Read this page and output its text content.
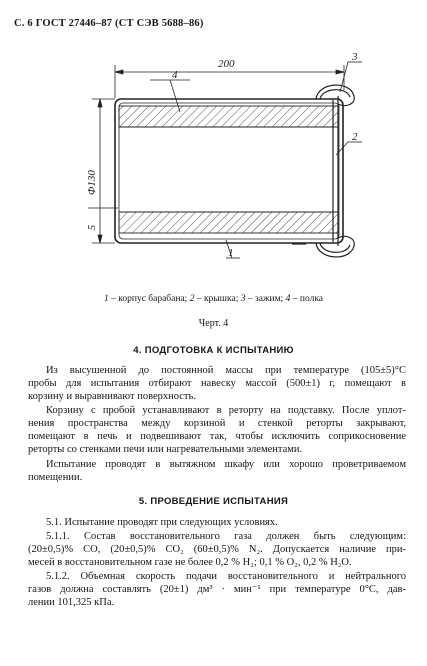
С. 6 ГОСТ 27446–87 (СТ СЭВ 5688–86)
200
Φ130
5
4
3
2
1
1 – корпус барабана; 2 – крышка; 3 – зажим; 4 – полка
Черт. 4
4. ПОДГОТОВКА К ИСПЫТАНИЮ
Из высушенной до постоянной массы при температуре (105±5)°С
пробы для испытания отбирают навеску массой (500±1) г, помещают в
корзину и выравнивают поверхность.
Корзину с пробой устанавливают в реторту на подставку. После уплот-
нения пространства между корзиной и стенкой реторты закрывают,
помещают в печь и подвешивают так, чтобы исключить соприкосновение
реторты со стенками печи или нагревательными элементами.
Испытание проводят в вытяжном шкафу или хорошо проветриваемом
помещении.
5. ПРОВЕДЕНИЕ ИСПЫТАНИЯ
5.1. Испытание проводят при следующих условиях.
5.1.1. Состав восстановительного газа должен быть следующим:
(20±0,5)% СО, (20±0,5)% СО₂ (60±0,5)% N₂. Допускается наличие при-
месей в восстановительном газе не более 0,2 % Н₂; 0,1 % О₂, 0,2 % Н₂О.
5.1.2. Объемная скорость подачи восстановительного и нейтрального
газов должна составлять (20±1) дм³ · мин⁻¹ при температуре 0°С, дав-
лении 101,325 кПа.
